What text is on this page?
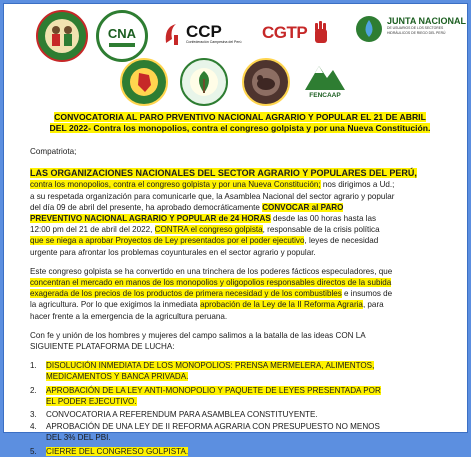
CNA	CCP
Confederación Campesina del Perú CGTP
JUNTA NACIONAL
DE USUARIOS DE LOS SECTORES HIDRÁULICOS DE RIEGO DEL PERÚ
FENCAAP

CONVOCATORIA AL PARO PRVENTIVO NACIONAL AGRARIO Y POPULAR EL 21 DE ABRIL
DEL 2022- Contra los monopolios, contra el congreso golpista y por una Nueva Constitución.

Compatriota;

LAS ORGANIZACIONES NACIONALES DEL SECTOR AGRARIO Y POPULARES DEL PERÚ,
contra los monopolios, contra el congreso golpista y por una Nueva Constitución; nos dirigimos a Ud.;
a su respetada organización para comunicarle que, la Asamblea Nacional del sector agrario y popular
del día 09 de abril del presente, ha aprobado democráticamente CONVOCAR al PARO
PREVENTIVO NACIONAL AGRARIO Y POPULAR de 24 HORAS desde las 00 horas hasta las
12:00 pm del 21 de abril del 2022, CONTRA el congreso golpista, responsable de la crisis política
que se niega a aprobar Proyectos de Ley presentados por el poder ejecutivo, leyes de necesidad
urgente para afrontar los problemas coyunturales en el sector agrario y popular.

Este congreso golpista se ha convertido en una trinchera de los poderes fácticos especuladores, que
concentran el mercado en manos de los monopolios y oligopolios responsables directos de la subida
exagerada de los precios de los productos de primera necesidad y de los combustibles e insumos de
la agricultura. Por lo que exigimos la inmediata aprobación de la Ley de la II Reforma Agraria, para
hacer frente a la emergencia de la agricultura peruana.

Con fe y unión de los hombres y mujeres del campo salimos a la batalla de las ideas CON LA
SIGUIENTE PLATAFORMA DE LUCHA:

1.	DISOLUCIÓN INMEDIATA DE LOS MONOPOLIOS: PRENSA MERMELERA, ALIMENTOS,
MEDICAMENTOS Y BANCA PRIVADA.
2.	APROBACIÓN DE LA LEY ANTI-MONOPOLIO Y PAQUETE DE LEYES PRESENTADA POR
EL PODER EJECUTIVO.
3.	CONVOCATORIA A REFERENDUM PARA ASAMBLEA CONSTITUYENTE.
4.	APROBACIÓN DE UNA LEY DE II REFORMA AGRARIA CON PRESUPUESTO NO MENOS
DEL 3% DEL PBI.
5.	CIERRE DEL CONGRESO GOLPISTA.
